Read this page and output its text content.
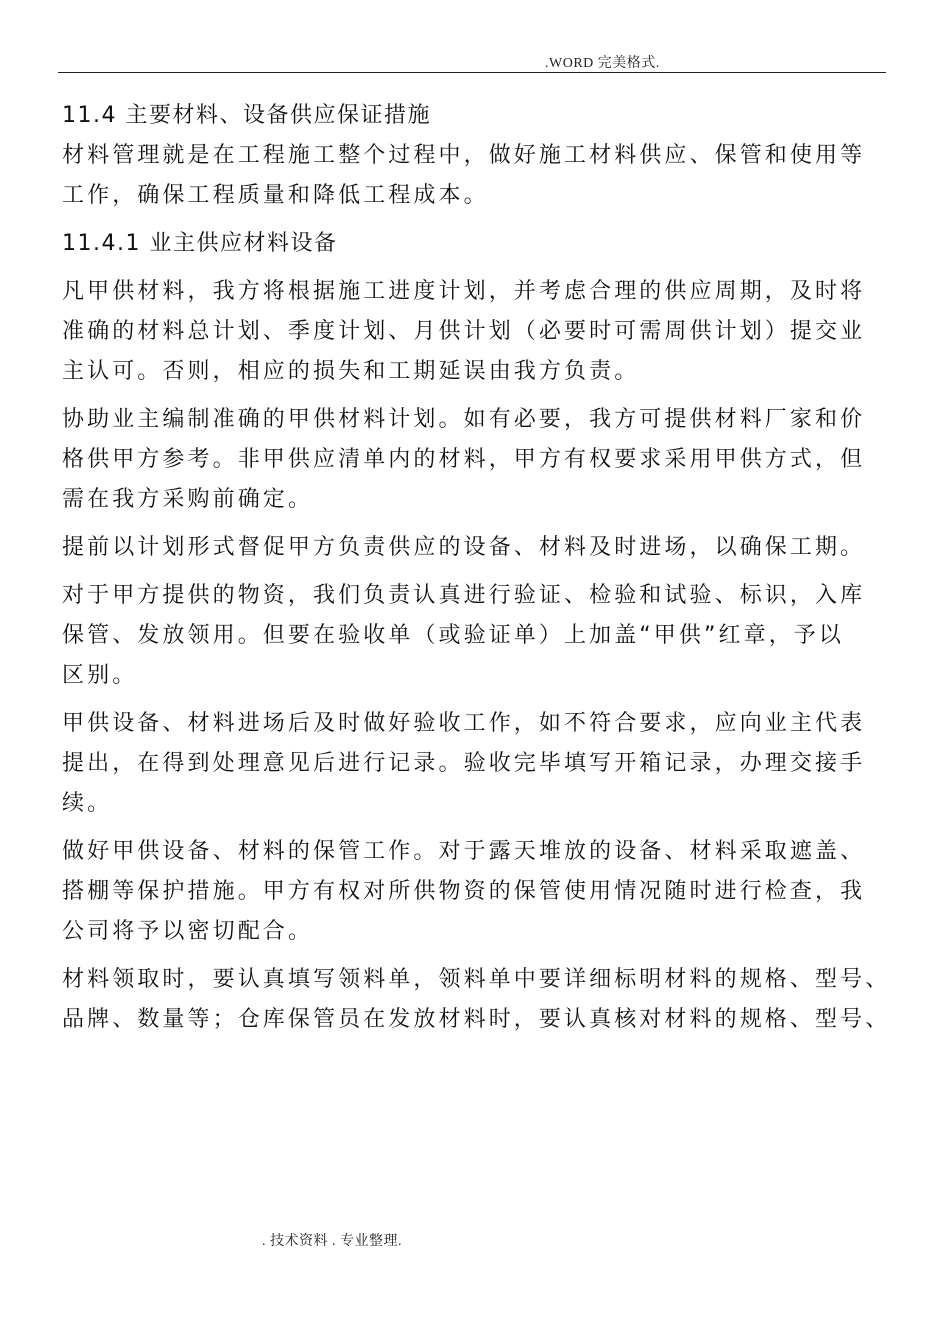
.WORD 完美格式.
11.4 主要材料、设备供应保证措施
材料管理就是在工程施工整个过程中，做好施工材料供应、保管和使用等
工作，确保工程质量和降低工程成本。
11.4.1 业主供应材料设备
凡甲供材料，我方将根据施工进度计划，并考虑合理的供应周期，及时将
准确的材料总计划、季度计划、月供计划（必要时可需周供计划）提交业
主认可。否则，相应的损失和工期延误由我方负责。
协助业主编制准确的甲供材料计划。如有必要，我方可提供材料厂家和价
格供甲方参考。非甲供应清单内的材料，甲方有权要求采用甲供方式，但
需在我方采购前确定。
提前以计划形式督促甲方负责供应的设备、材料及时进场，以确保工期。
对于甲方提供的物资，我们负责认真进行验证、检验和试验、标识，入库
保管、发放领用。但要在验收单（或验证单）上加盖“甲供”红章，予以
区别。
甲供设备、材料进场后及时做好验收工作，如不符合要求，应向业主代表
提出，在得到处理意见后进行记录。验收完毕填写开箱记录，办理交接手
续。
做好甲供设备、材料的保管工作。对于露天堆放的设备、材料采取遮盖、
搭棚等保护措施。甲方有权对所供物资的保管使用情况随时进行检查，我
公司将予以密切配合。
材料领取时，要认真填写领料单，领料单中要详细标明材料的规格、型号、
品牌、数量等；仓库保管员在发放材料时，要认真核对材料的规格、型号、
. 技术资料 . 专业整理.
